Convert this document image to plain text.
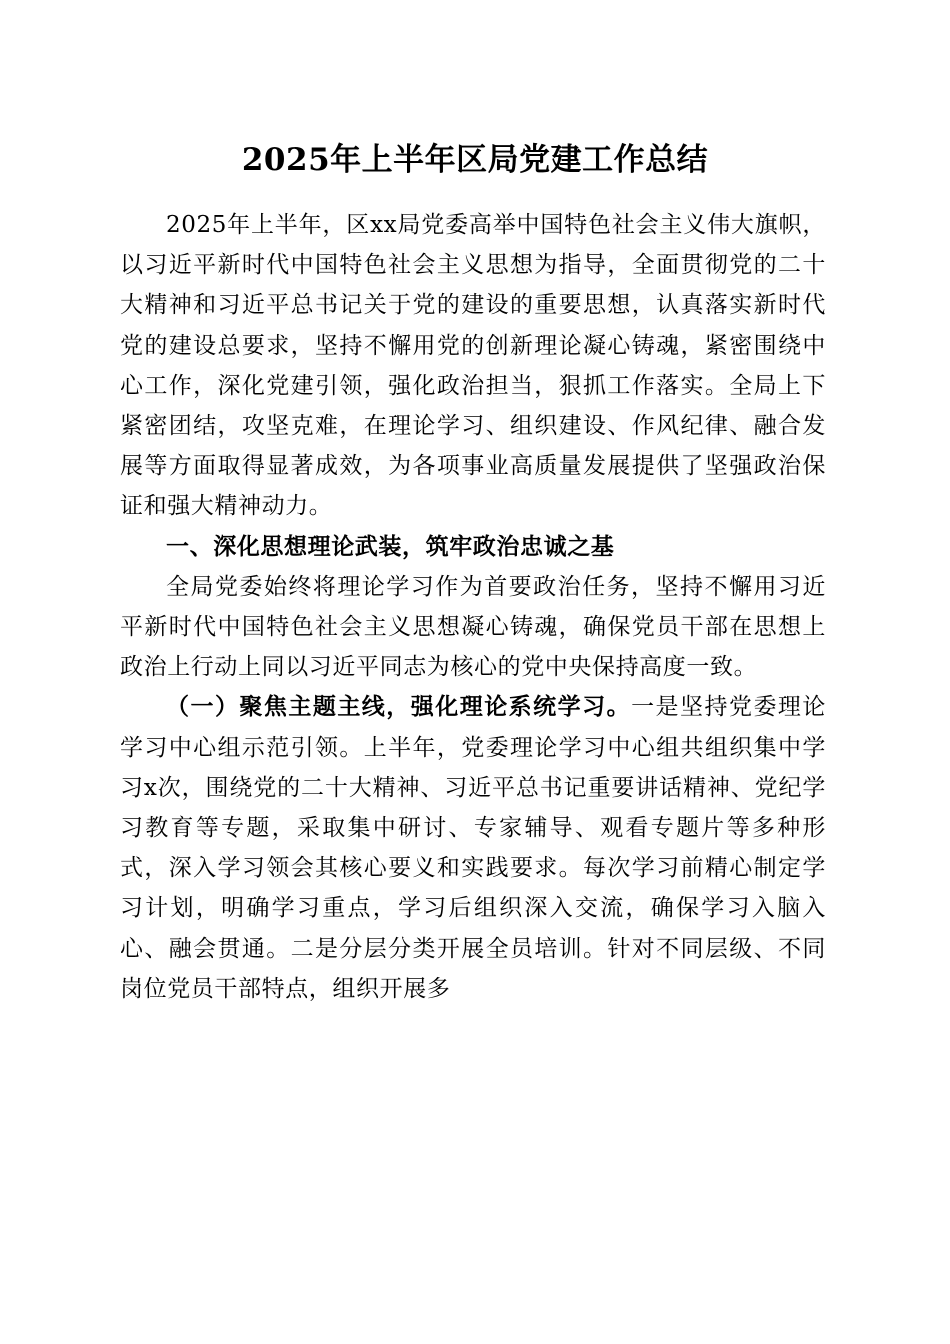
2025年上半年区局党建工作总结

2025年上半年，区xx局党委高举中国特色社会主义伟大旗帜，以习近平新时代中国特色社会主义思想为指导，全面贯彻党的二十大精神和习近平总书记关于党的建设的重要思想，认真落实新时代党的建设总要求，坚持不懈用党的创新理论凝心铸魂，紧密围绕中心工作，深化党建引领，强化政治担当，狠抓工作落实。全局上下紧密团结，攻坚克难，在理论学习、组织建设、作风纪律、融合发展等方面取得显著成效，为各项事业高质量发展提供了坚强政治保证和强大精神动力。

一、深化思想理论武装，筑牢政治忠诚之基

全局党委始终将理论学习作为首要政治任务，坚持不懈用习近平新时代中国特色社会主义思想凝心铸魂，确保党员干部在思想上政治上行动上同以习近平同志为核心的党中央保持高度一致。

（一）聚焦主题主线，强化理论系统学习。一是坚持党委理论学习中心组示范引领。上半年，党委理论学习中心组共组织集中学习x次，围绕党的二十大精神、习近平总书记重要讲话精神、党纪学习教育等专题，采取集中研讨、专家辅导、观看专题片等多种形式，深入学习领会其核心要义和实践要求。每次学习前精心制定学习计划，明确学习重点，学习后组织深入交流，确保学习入脑入心、融会贯通。二是分层分类开展全员培训。针对不同层级、不同岗位党员干部特点，组织开展多
